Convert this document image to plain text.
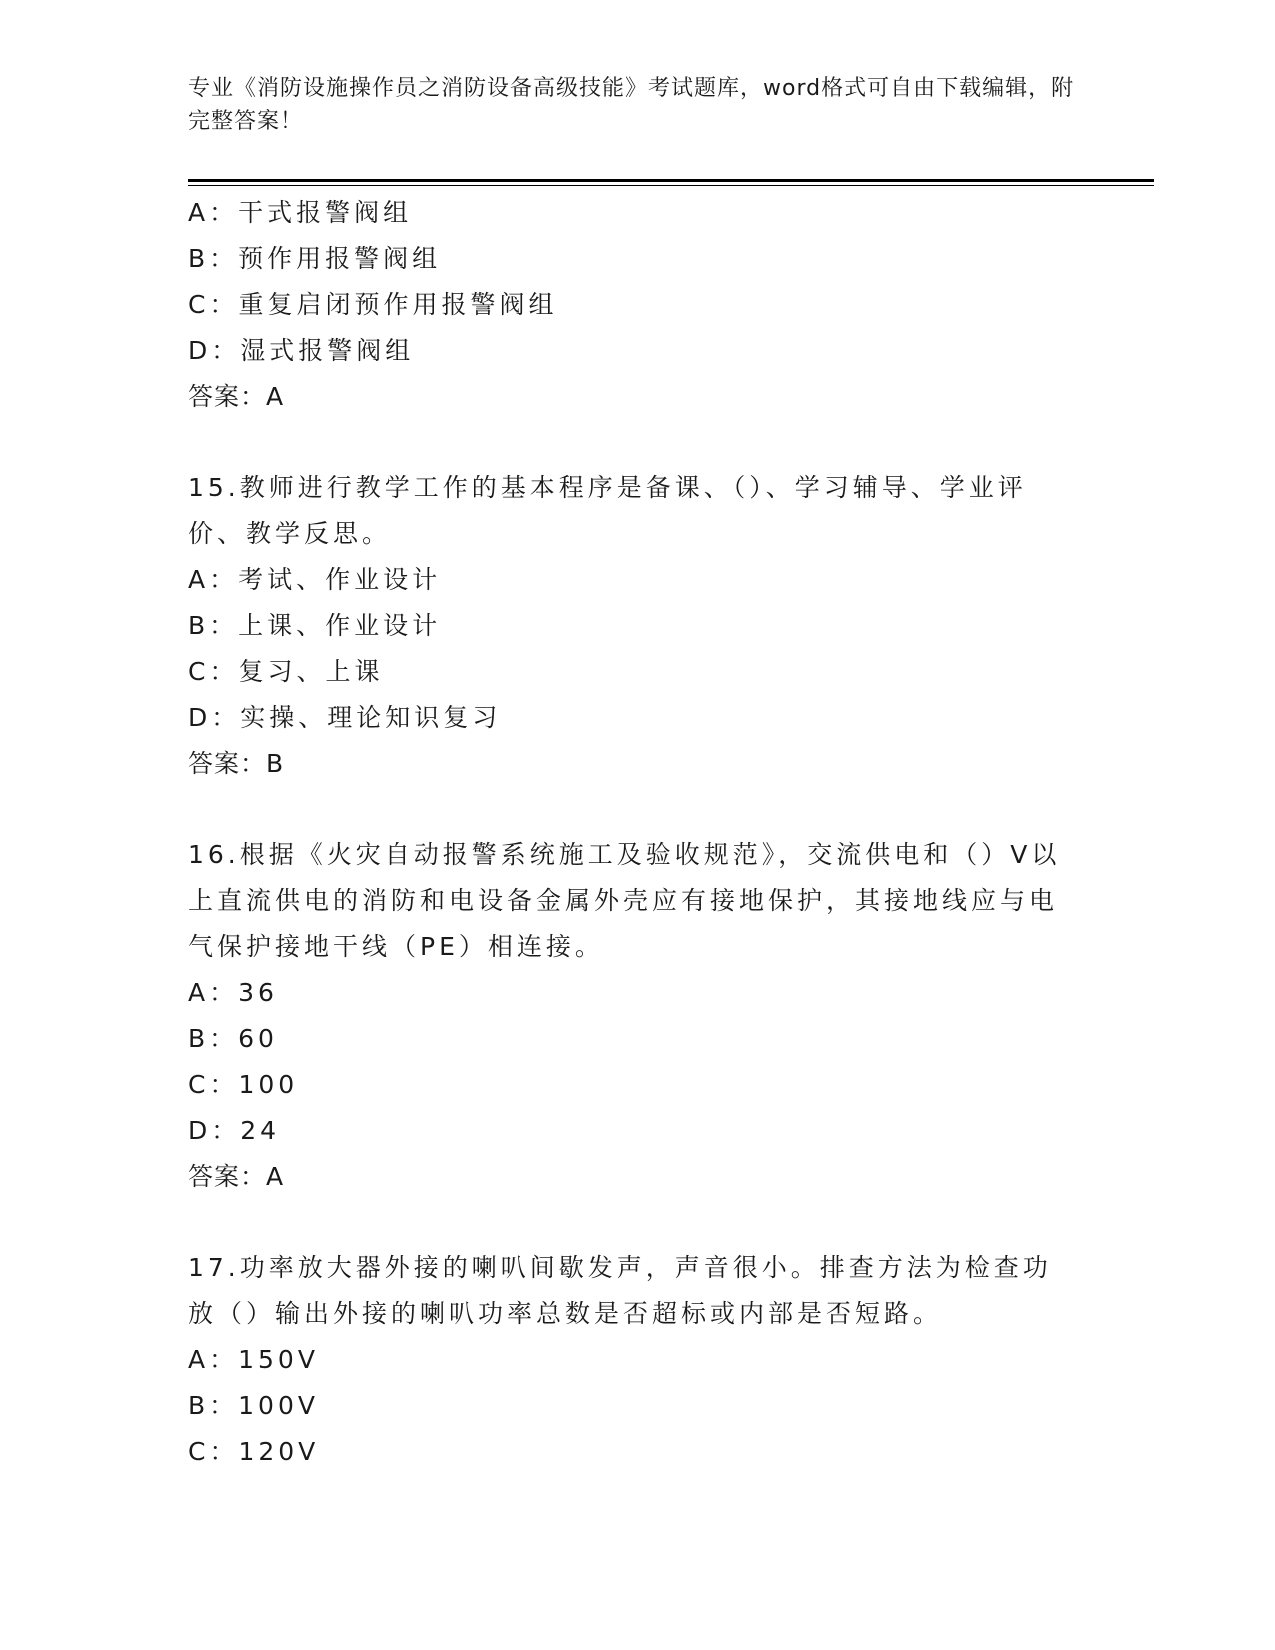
专业《消防设施操作员之消防设备高级技能》考试题库，word格式可自由下载编辑，附完整答案！
A：干式报警阀组
B：预作用报警阀组
C：重复启闭预作用报警阀组
D：湿式报警阀组
答案：A
15.教师进行教学工作的基本程序是备课、（）、学习辅导、学业评价、教学反思。
A：考试、作业设计
B：上课、作业设计
C：复习、上课
D：实操、理论知识复习
答案：B
16.根据《火灾自动报警系统施工及验收规范》，交流供电和（）V以上直流供电的消防和电设备金属外壳应有接地保护，其接地线应与电气保护接地干线（PE）相连接。
A：36
B：60
C：100
D：24
答案：A
17.功率放大器外接的喇叭间歇发声，声音很小。排查方法为检查功放（）输出外接的喇叭功率总数是否超标或内部是否短路。
A：150V
B：100V
C：120V
